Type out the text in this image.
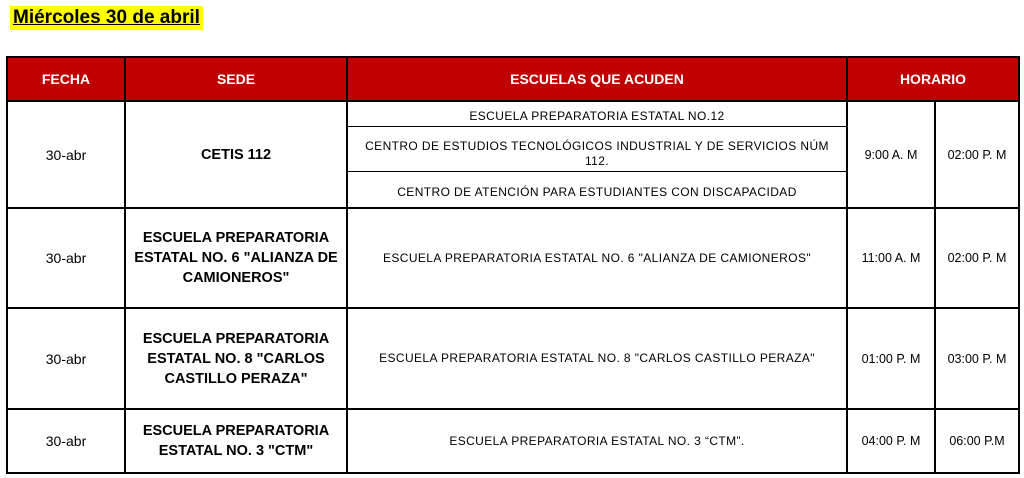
Miércoles 30 de abril
FECHA	SEDE	ESCUELAS QUE ACUDEN	HORARIO	
30-abr	CETIS 112	ESCUELA PREPARATORIA ESTATAL NO.12
CENTRO DE ESTUDIOS TECNOLÓGICOS INDUSTRIAL Y DE SERVICIOS NÚM 112.
CENTRO DE ATENCIÓN PARA ESTUDIANTES CON DISCAPACIDAD	9:00 A. M	02:00 P. M
30-abr	ESCUELA PREPARATORIA ESTATAL NO. 6 "ALIANZA DE CAMIONEROS"	ESCUELA PREPARATORIA ESTATAL NO. 6 "ALIANZA DE CAMIONEROS"	11:00 A. M	02:00 P. M
30-abr	ESCUELA PREPARATORIA ESTATAL NO. 8 "CARLOS CASTILLO PERAZA"	ESCUELA PREPARATORIA ESTATAL NO. 8 "CARLOS CASTILLO PERAZA"	01:00 P. M	03:00 P. M
30-abr	ESCUELA PREPARATORIA ESTATAL NO. 3 "CTM"	ESCUELA PREPARATORIA ESTATAL NO. 3 “CTM”.	04:00 P. M	06:00 P.M
